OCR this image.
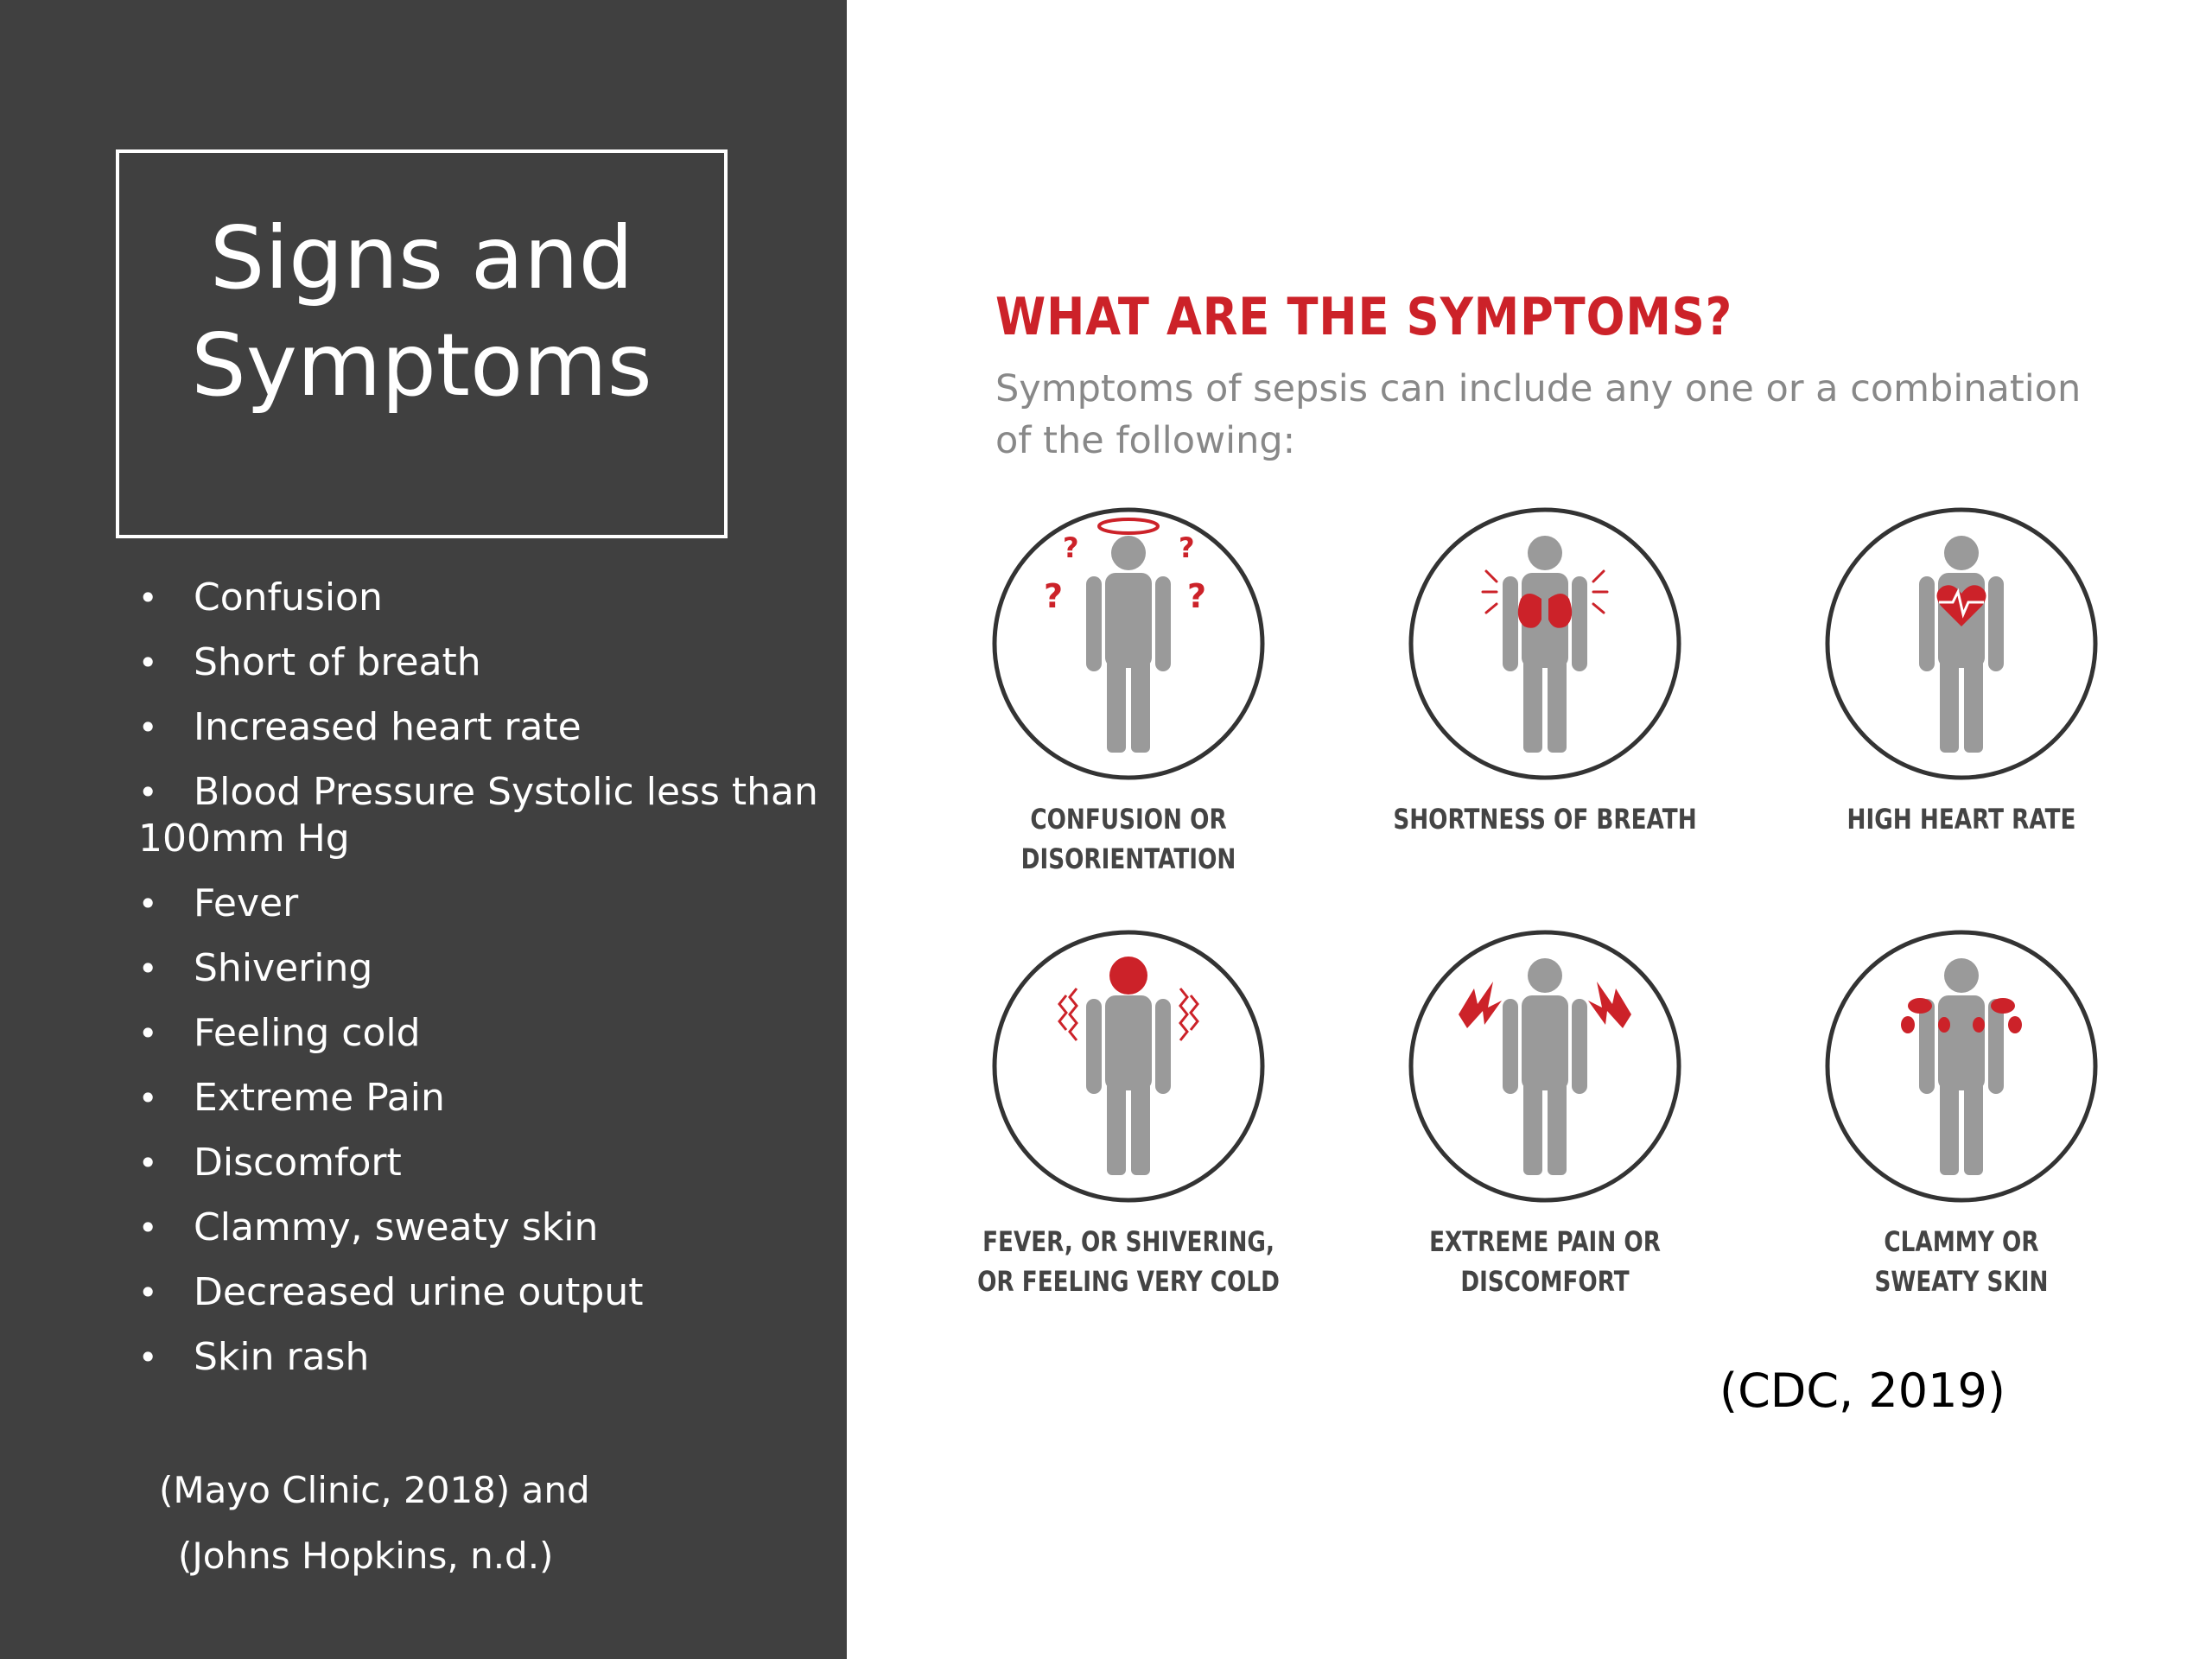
Signs and
Symptoms
• Confusion
• Short of breath
• Increased heart rate
• Blood Pressure Systolic less than 100mm Hg
• Fever
• Shivering
• Feeling cold
• Extreme Pain
• Discomfort
• Clammy, sweaty skin
• Decreased urine output
• Skin rash
(Mayo Clinic, 2018) and
(Johns Hopkins, n.d.)
WHAT ARE THE SYMPTOMS?

Symptoms of sepsis can include any one or a combination of the following:

?	?
?	?
CONFUSION OR
DISORIENTATION
SHORTNESS OF BREATH	HIGH HEART RATE
FEVER, OR SHIVERING,
OR FEELING VERY COLD
EXTREME PAIN OR
DISCOMFORT
CLAMMY OR
SWEATY SKIN
(CDC, 2019)
